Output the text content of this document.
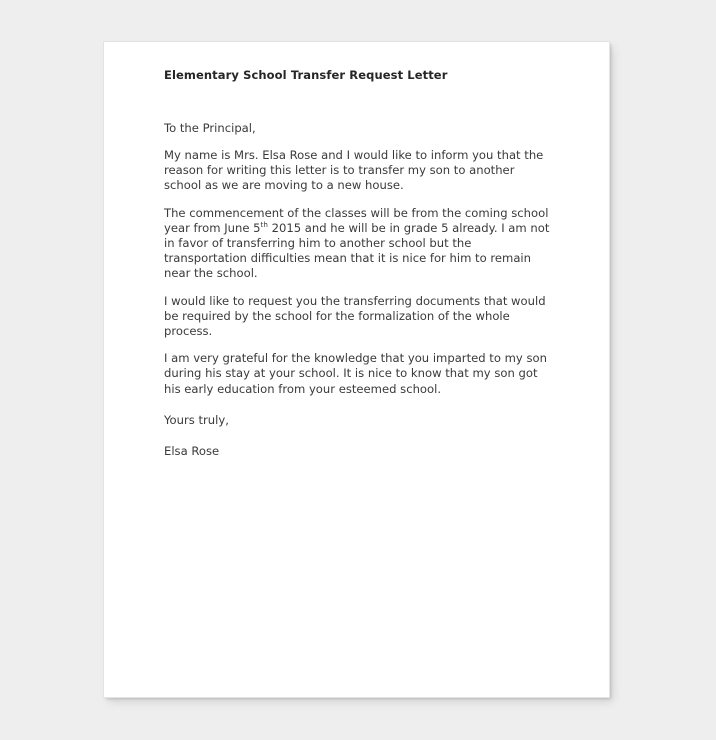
Elementary School Transfer Request Letter

To the Principal,

My name is Mrs. Elsa Rose and I would like to inform you that the reason for writing this letter is to transfer my son to another school as we are moving to a new house.

The commencement of the classes will be from the coming school year from June 5th 2015 and he will be in grade 5 already. I am not in favor of transferring him to another school but the transportation difficulties mean that it is nice for him to remain near the school.

I would like to request you the transferring documents that would be required by the school for the formalization of the whole process.

I am very grateful for the knowledge that you imparted to my son during his stay at your school. It is nice to know that my son got his early education from your esteemed school.

Yours truly,

Elsa Rose
